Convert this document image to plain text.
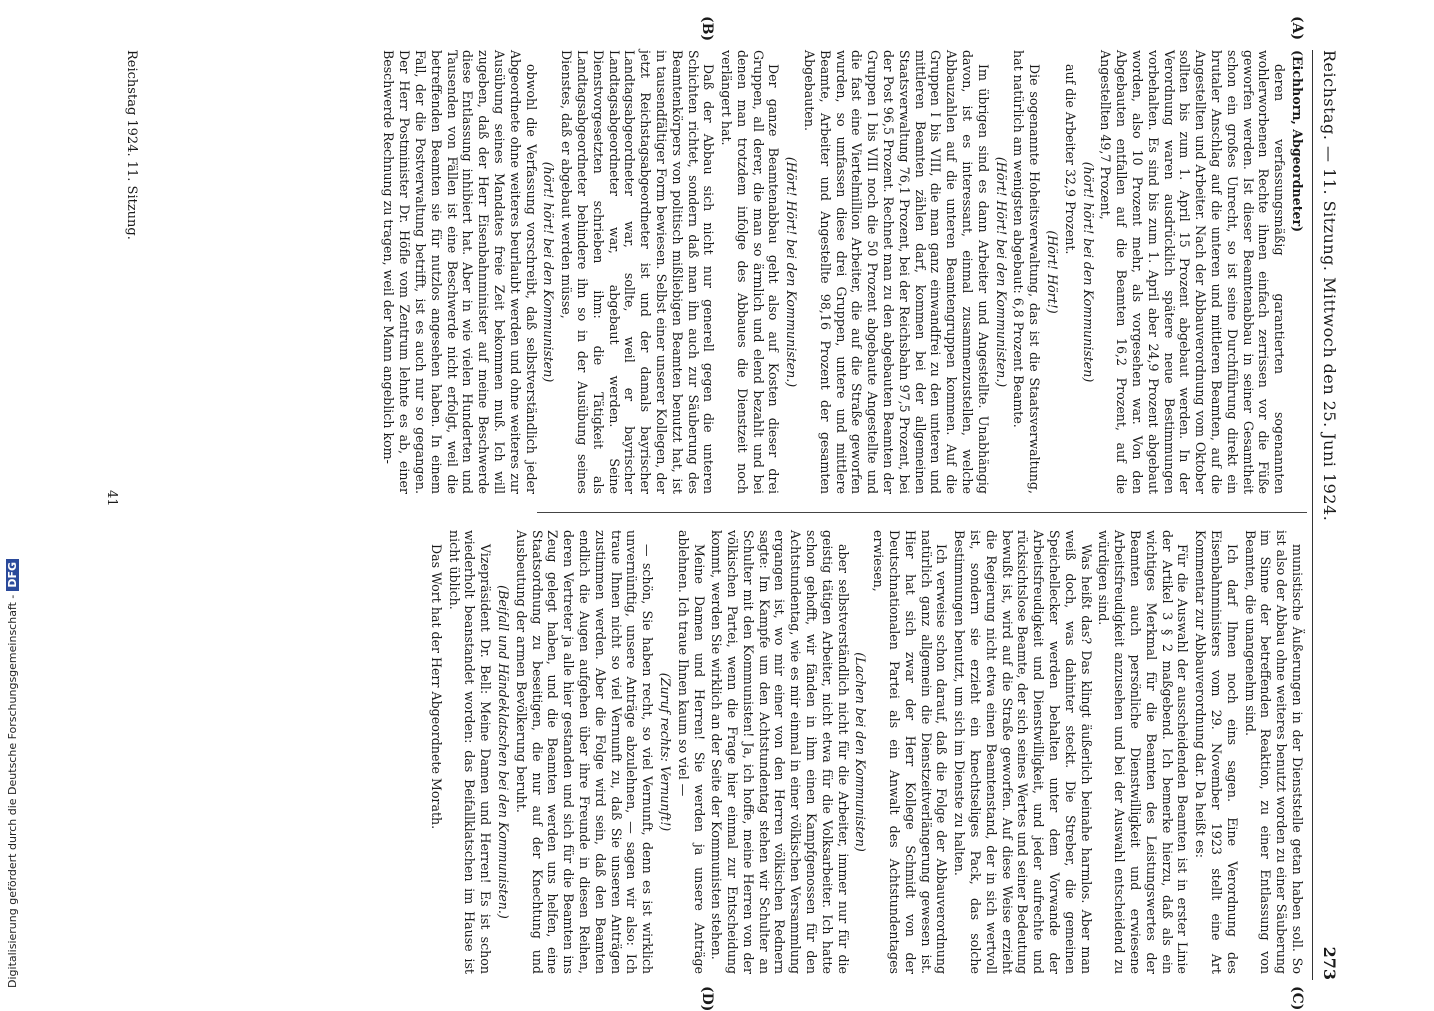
Reichstag. — 11. Sitzung. Mittwoch den 25. Juni 1924.
273
(A)
(B)
(C)
(D)

(Eichhorn, Abgeordneter)

deren verfassungsmäßig garantierten sogenannten wohlerworbenen Rechte ihnen einfach zerrissen vor die Füße geworfen werden. Ist dieser Beamtenabbau in seiner Gesamtheit schon ein großes Unrecht, so ist seine Durchführung direkt ein brutaler Anschlag auf die unteren und mittleren Beamten, auf die Angestellten und Arbeiter. Nach der Abbauverordnung vom Oktober sollten bis zum 1. April 15 Prozent abgebaut werden. In der Verordnung waren ausdrücklich spätere neue Bestimmungen vorbehalten. Es sind bis zum 1. April aber 24,9 Prozent abgebaut worden, also 10 Prozent mehr, als vorgesehen war. Von den Abgebauten entfallen auf die Beamten 16,2 Prozent, auf die Angestellten 49,7 Prozent,

(hört! hört! bei den Kommunisten)

auf die Arbeiter 32,9 Prozent.

(Hört! Hört!)

Die sogenannte Hoheitsverwaltung, das ist die Staatsverwaltung, hat natürlich am wenigsten abgebaut: 6,8 Prozent Beamte.

(Hört! Hört! bei den Kommunisten.)

Im übrigen sind es dann Arbeiter und Angestellte. Unabhängig davon, ist es interessant, einmal zusammenzustellen, welche Abbauzahlen auf die unteren Beamtengruppen kommen. Auf die Gruppen I bis VIII, die man ganz einwandfrei zu den unteren und mittleren Beamten zählen darf, kommen bei der allgemeinen Staatsverwaltung 76,1 Prozent, bei der Reichsbahn 97,5 Prozent, bei der Post 96,5 Prozent. Rechnet man zu den abgebauten Beamten der Gruppen I bis VIII noch die 50 Prozent abgebaute Angestellte und die fast eine Viertelmillion Arbeiter, die auf die Straße geworfen wurden, so umfassen diese drei Gruppen, untere und mittlere Beamte, Arbeiter und Angestellte 98,16 Prozent der gesamten Abgebauten.

(Hört! Hört! bei den Kommunisten.)

Der ganze Beamtenabbau geht also auf Kosten dieser drei Gruppen, all derer, die man so ärmlich und elend bezahlt und bei denen man trotzdem infolge des Abbaues die Dienstzeit noch verlängert hat.

Daß der Abbau sich nicht nur generell gegen die unteren Schichten richtet, sondern daß man ihn auch zur Säuberung des Beamtenkörpers von politisch mißliebigen Beamten benutzt hat, ist in tausendfältiger Form bewiesen. Selbst einer unserer Kollegen, der jetzt Reichstagsabgeordneter ist und der damals bayrischer Landtagsabgeordneter war, sollte, weil er bayrischer Landtagsabgeordneter war, abgebaut werden. Seine Dienstvorgesetzten schrieben ihm: die Tätigkeit als Landtagsabgeordneter behindere ihn so in der Ausübung seines Dienstes, daß er abgebaut werden müsse,

(hört! hört! bei den Kommunisten)

obwohl die Verfassung vorschreibt, daß selbstverständlich jeder Abgeordnete ohne weiteres beurlaubt werden und ohne weiteres zur Ausübung seines Mandates freie Zeit bekommen muß. Ich will zugeben, daß der Herr Eisenbahnminister auf meine Beschwerde diese Entlassung inhibiert hat. Aber in wie vielen Hunderten und Tausenden von Fällen ist eine Beschwerde nicht erfolgt, weil die betreffenden Beamten sie für nutzlos angesehen haben. In einem Fall, der die Postverwaltung betrifft, ist es auch nur so gegangen. Der Herr Postminister Dr. Höfle vom Zentrum lehnte es ab, einer Beschwerde Rechnung zu tragen, weil der Mann angeblich kom-

munistische Äußerungen in der Dienststelle getan haben soll. So ist also der Abbau ohne weiteres benutzt worden zu einer Säuberung im Sinne der betreffenden Reaktion, zu einer Entlassung von Beamten, die unangenehm sind.

Ich darf Ihnen noch eins sagen. Eine Verordnung des Eisenbahnministers vom 29. November 1923 stellt eine Art Kommentar zur Abbauverordnung dar. Da heißt es:

Für die Auswahl der ausscheidenden Beamten ist in erster Linie der Artikel 3 § 2 maßgebend. Ich bemerke hierzu, daß als ein wichtiges Merkmal für die Beamten des Leistungswertes der Beamten auch persönliche Dienstwilligkeit und erwiesene Arbeitsfreudigkeit anzusehen und bei der Auswahl entscheidend zu würdigen sind.

Was heißt das? Das klingt äußerlich beinahe harmlos. Aber man weiß doch, was dahinter steckt. Die Streber, die gemeinen Speichellecker werden behalten unter dem Vorwande der Arbeitsfreudigkeit und Dienstwilligkeit, und jeder aufrechte und rücksichtslose Beamte, der sich seines Wertes und seiner Bedeutung bewußt ist, wird auf die Straße geworfen. Auf diese Weise erzieht die Regierung nicht etwa einen Beamtenstand, der in sich wertvoll ist, sondern sie erzieht ein knechtseliges Pack, das solche Bestimmungen benutzt, um sich im Dienste zu halten.

Ich verweise schon darauf, daß die Folge der Abbauverordnung natürlich ganz allgemein die Dienstzeitverlängerung gewesen ist. Hier hat sich zwar der Herr Kollege Schmidt von der Deutschnationalen Partei als ein Anwalt des Achtstundentages erwiesen,

(Lachen bei den Kommunisten)

aber selbstverständlich nicht für die Arbeiter, immer nur für die geistig tätigen Arbeiter, nicht etwa für die Volksarbeiter. Ich hatte schon gehofft, wir fänden in ihm einen Kampfgenossen für den Achtstundentag, wie es mir einmal in einer völkischen Versammlung ergangen ist, wo mir einer von den Herren völkischen Rednern sagte: Im Kampfe um den Achtstundentag stehen wir Schulter an Schulter mit den Kommunisten! Ja, ich hoffe, meine Herren von der völkischen Partei, wenn die Frage hier einmal zur Entscheidung kommt, werden Sie wirklich an der Seite der Kommunisten stehen.

Meine Damen und Herren! Sie werden ja unsere Anträge ablehnen. Ich traue Ihnen kaum so viel —

(Zuruf rechts: Vernunft!)

— schön, Sie haben recht, so viel Vernunft, denn es ist wirklich unvernünftig, unsere Anträge abzulehnen, — sagen wir also: Ich traue Ihnen nicht so viel Vernunft zu, daß Sie unseren Anträgen zustimmen werden. Aber die Folge wird sein, daß den Beamten endlich die Augen aufgehen über ihre Freunde in diesen Reihen, deren Vertreter ja alle hier gestanden und sich für die Beamten ins Zeug gelegt haben, und die Beamten werden uns helfen, eine Staatsordnung zu beseitigen, die nur auf der Knechtung und Ausbeutung der armen Bevölkerung beruht.

(Beifall und Händeklatschen bei den Kommunisten.)

Vizepräsident Dr. Bell: Meine Damen und Herren! Es ist schon wiederholt beanstandet worden: das Beifallklatschen im Hause ist nicht üblich.

Das Wort hat der Herr Abgeordnete Morath.

Reichstag 1924. 11. Sitzung.
41
Digitalisierung gefördert durch die Deutsche Forschungsgemeinschaft -DFG
